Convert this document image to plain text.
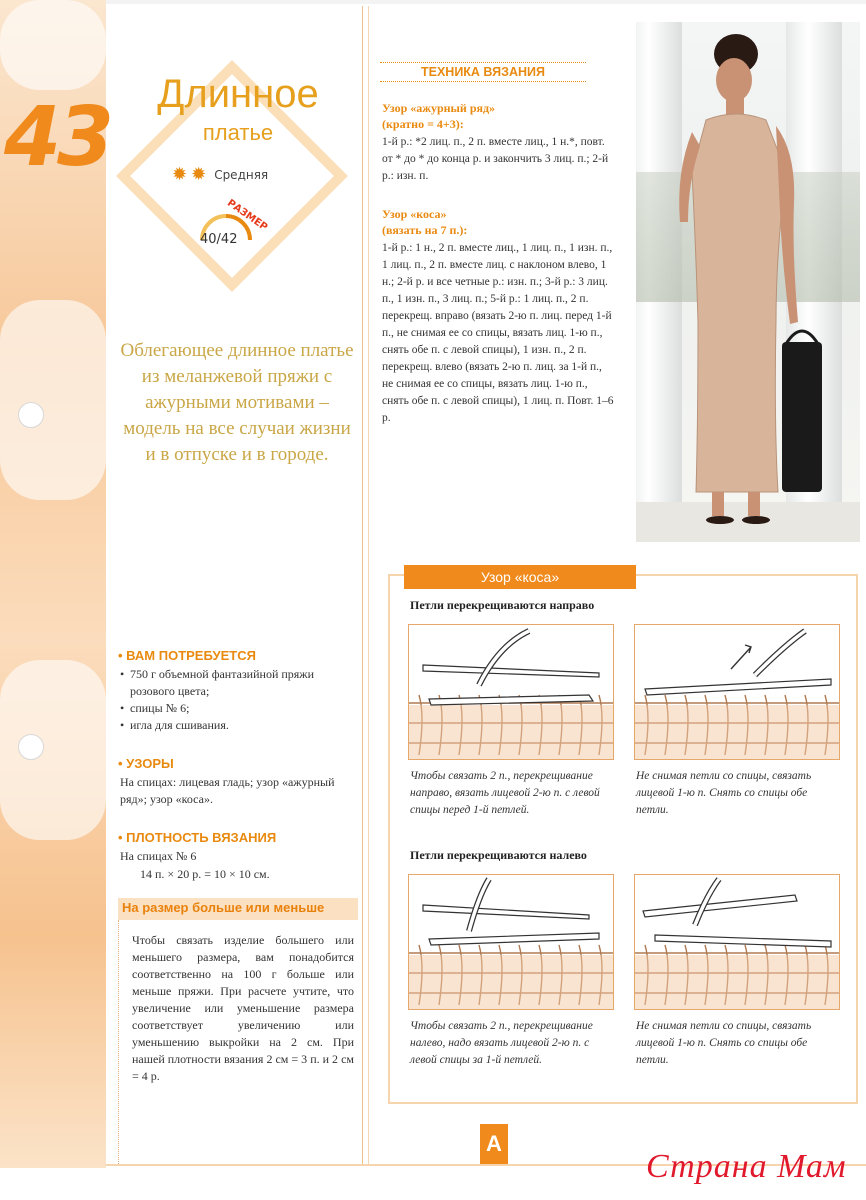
43	Длинное
платье
✹ ✹ Средняя
РАЗМЕР
40/42
Облегающее длинное платье из меланжевой пряжи с ажурными мотивами – модель на все случаи жизни и в отпуске и в городе.
• ВАМ ПОТРЕБУЕТСЯ
• 750 г объемной фантазийной пряжи розового цвета;
• спицы № 6;
• игла для сшивания.
• УЗОРЫ
На спицах: лицевая гладь; узор «ажурный ряд»; узор «коса».
• ПЛОТНОСТЬ ВЯЗАНИЯ
На спицах № 6
14 п. × 20 р. = 10 × 10 см.
На размер больше или меньше
Чтобы связать изделие большего или меньшего размера, вам понадобится соответственно на 100 г больше или меньше пряжи. При расчете учтите, что увеличение или уменьшение размера соответствует увеличению или уменьшению выкройки на 2 см. При нашей плотности вязания 2 см = 3 п. и 2 см = 4 р.
ТЕХНИКА ВЯЗАНИЯ
Узор «ажурный ряд»
(кратно = 4+3):
1-й р.: *2 лиц. п., 2 п. вместе лиц., 1 н.*, повт. от * до * до конца р. и закончить 3 лиц. п.; 2-й р.: изн. п.
Узор «коса»
(вязать на 7 п.):
1-й р.: 1 н., 2 п. вместе лиц., 1 лиц. п., 1 изн. п., 1 лиц. п., 2 п. вместе лиц. с наклоном влево, 1 н.; 2-й р. и все четные р.: изн. п.; 3-й р.: 3 лиц. п., 1 изн. п., 3 лиц. п.; 5-й р.: 1 лиц. п., 2 п. перекрещ. вправо (вязать 2-ю п. лиц. перед 1-й п., не снимая ее со спицы, вязать лиц. 1-ю п., снять обе п. с левой спицы), 1 изн. п., 2 п. перекрещ. влево (вязать 2-ю п. лиц. за 1-й п., не снимая ее со спицы, вязать лиц. 1-ю п., снять обе п. с левой спицы), 1 лиц. п. Повт. 1–6 р.
Узор «коса»
Петли перекрещиваются направо
Чтобы связать 2 п., перекрещивание направо, вязать лицевой 2-ю п. с левой спицы перед 1-й петлей.
Не снимая петли со спицы, связать лицевой 1-ю п. Снять со спицы обе петли.
Петли перекрещиваются налево
Чтобы связать 2 п., перекрещивание налево, надо вязать лицевой 2-ю п. с левой спицы за 1-й петлей.
Не снимая петли со спицы, связать лицевой 1-ю п. Снять со спицы обе петли.
А
Страна Мам
